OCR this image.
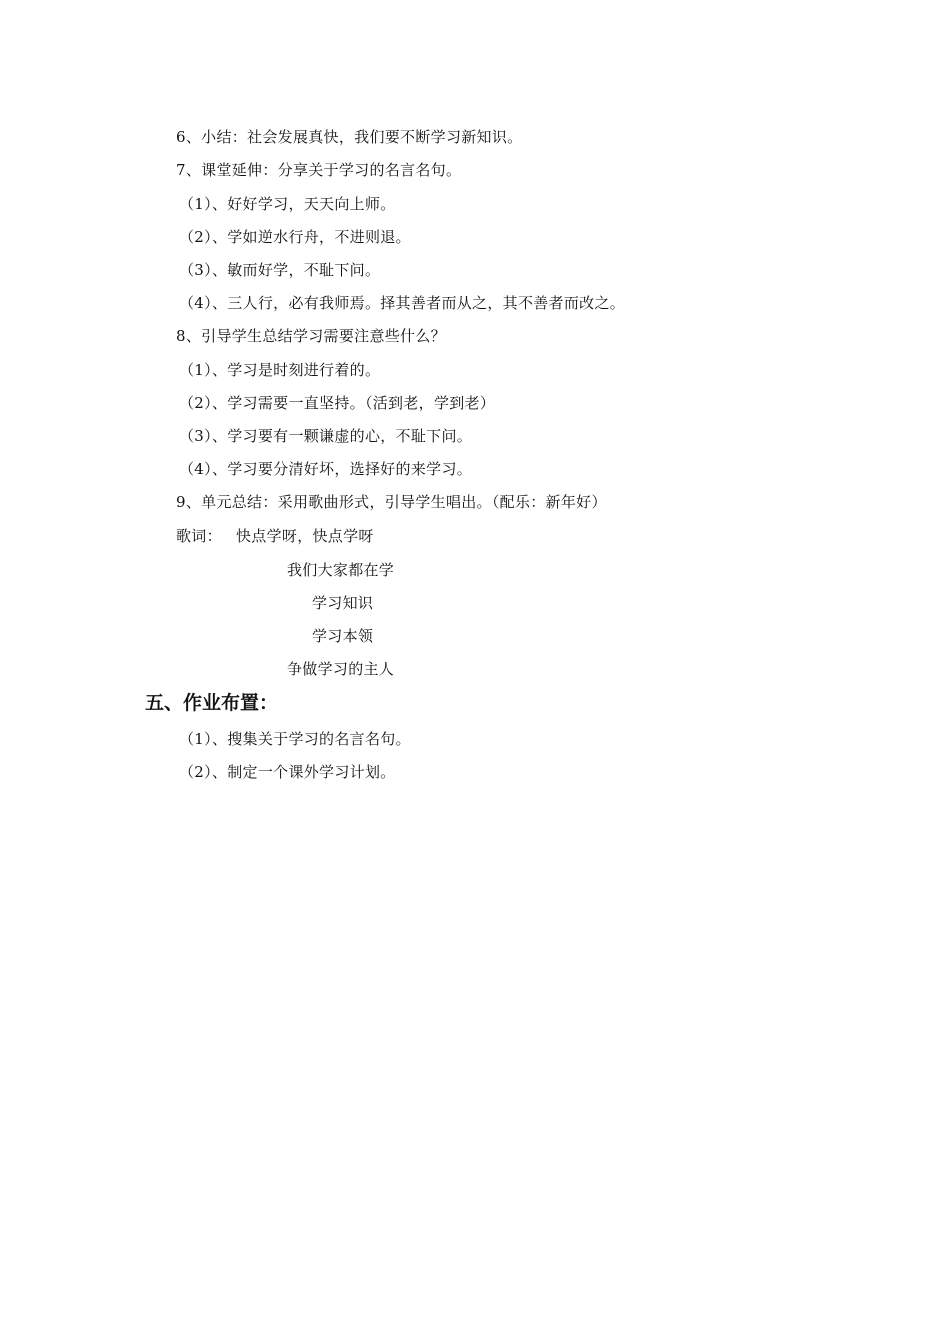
6、小结：社会发展真快，我们要不断学习新知识。
7、课堂延伸：分享关于学习的名言名句。
（1）、好好学习，天天向上师。
（2）、学如逆水行舟，不进则退。
（3）、敏而好学，不耻下问。
（4）、三人行，必有我师焉。择其善者而从之，其不善者而改之。
8、引导学生总结学习需要注意些什么？
（1）、学习是时刻进行着的。
（2）、学习需要一直坚持。（活到老，学到老）
（3）、学习要有一颗谦虚的心，不耻下问。
（4）、学习要分清好坏，选择好的来学习。
9、单元总结：采用歌曲形式，引导学生唱出。（配乐：新年好）
歌词： 快点学呀，快点学呀
我们大家都在学
学习知识
学习本领
争做学习的主人
五、作业布置：
（1）、搜集关于学习的名言名句。
（2）、制定一个课外学习计划。
